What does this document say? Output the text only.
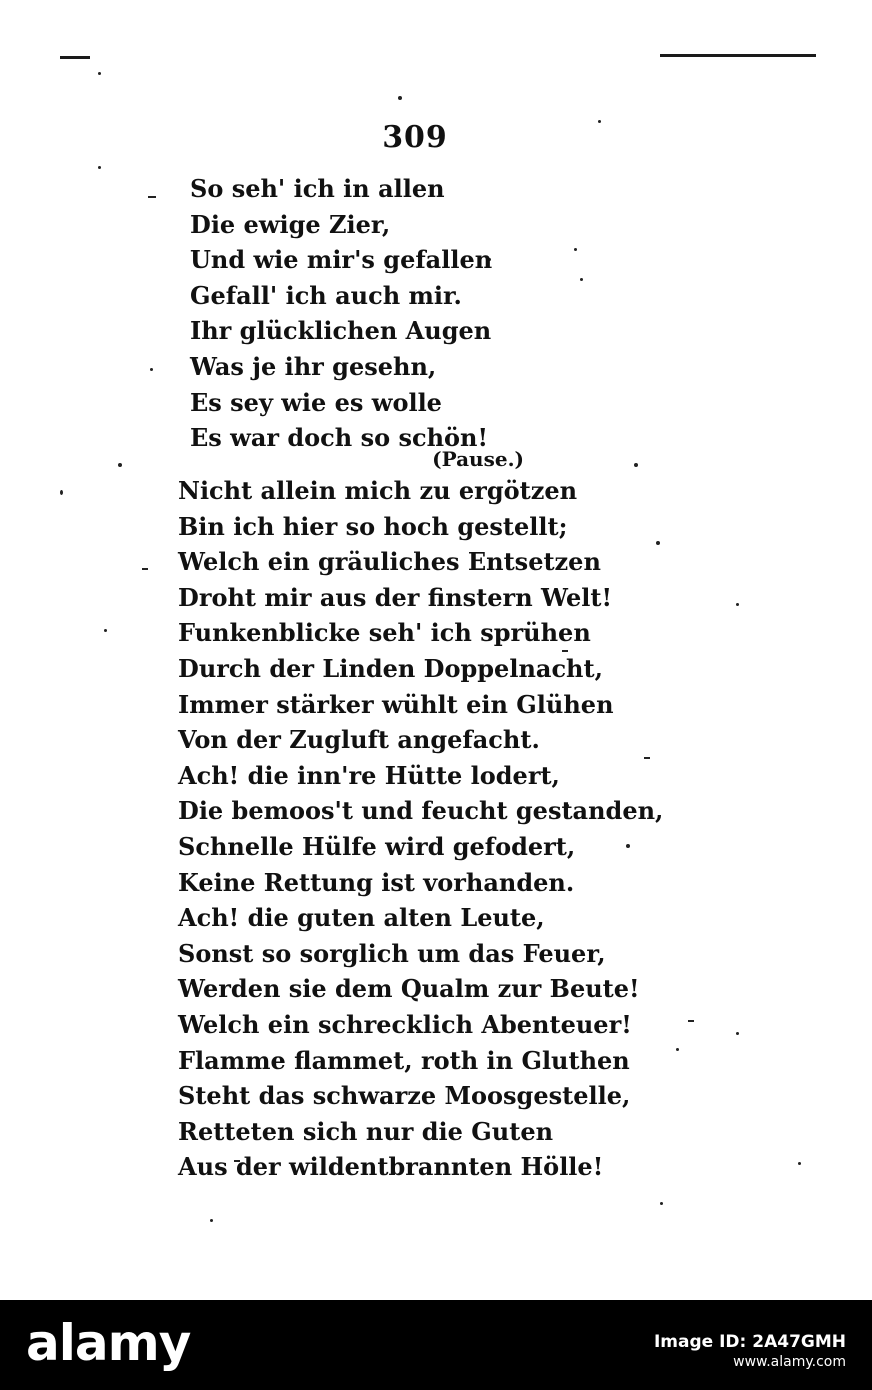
309
So seh' ich in allen
Die ewige Zier,
Und wie mir's gefallen
Gefall' ich auch mir.
Ihr glücklichen Augen
Was je ihr gesehn,
Es sey wie es wolle
Es war doch so schön!
(Pause.)
Nicht allein mich zu ergötzen
Bin ich hier so hoch gestellt;
Welch ein gräuliches Entsetzen
Droht mir aus der finstern Welt!
Funkenblicke seh' ich sprühen
Durch der Linden Doppelnacht,
Immer stärker wühlt ein Glühen
Von der Zugluft angefacht.
Ach! die inn're Hütte lodert,
Die bemoos't und feucht gestanden,
Schnelle Hülfe wird gefodert,
Keine Rettung ist vorhanden.
Ach! die guten alten Leute,
Sonst so sorglich um das Feuer,
Werden sie dem Qualm zur Beute!
Welch ein schrecklich Abenteuer!
Flamme flammet, roth in Gluthen
Steht das schwarze Moosgestelle,
Retteten sich nur die Guten
Aus der wildentbrannten Hölle!
alamy	Image ID: 2A47GMH
www.alamy.com
